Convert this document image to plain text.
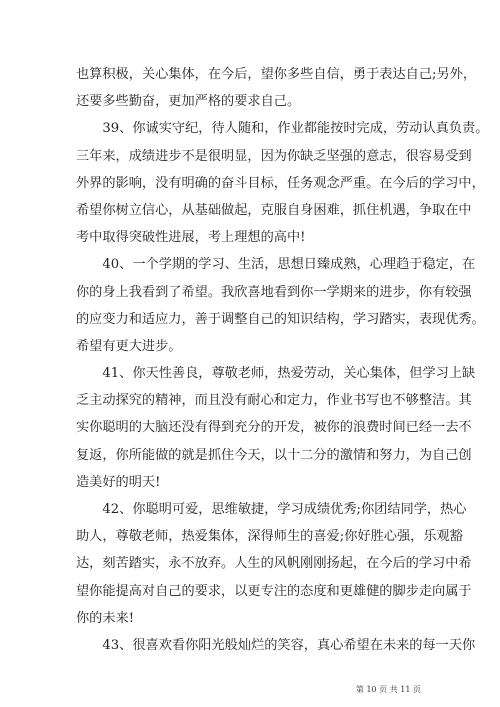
也算积极，关心集体，在今后，望你多些自信，勇于表达自己;另外，
还要多些勤奋，更加严格的要求自己。
　　39、你诚实守纪，待人随和，作业都能按时完成，劳动认真负责。
三年来，成绩进步不是很明显，因为你缺乏坚强的意志，很容易受到
外界的影响，没有明确的奋斗目标，任务观念严重。在今后的学习中，
希望你树立信心，从基础做起，克服自身困难，抓住机遇，争取在中
考中取得突破性进展，考上理想的高中!
　　40、一个学期的学习、生活，思想日臻成熟，心理趋于稳定，在
你的身上我看到了希望。我欣喜地看到你一学期来的进步，你有较强
的应变力和适应力，善于调整自己的知识结构，学习踏实，表现优秀。
希望有更大进步。
　　41、你天性善良，尊敬老师，热爱劳动，关心集体，但学习上缺
乏主动探究的精神，而且没有耐心和定力，作业书写也不够整洁。其
实你聪明的大脑还没有得到充分的开发，被你的浪费时间已经一去不
复返，你所能做的就是抓住今天，以十二分的激情和努力，为自己创
造美好的明天!
　　42、你聪明可爱，思维敏捷，学习成绩优秀;你团结同学，热心
助人，尊敬老师，热爱集体，深得师生的喜爱;你好胜心强，乐观豁
达，刻苦踏实，永不放弃。人生的风帆刚刚扬起，在今后的学习中希
望你能提高对自己的要求，以更专注的态度和更雄健的脚步走向属于
你的未来!
　　43、很喜欢看你阳光般灿烂的笑容，真心希望在未来的每一天你
第 10 页 共 11 页
